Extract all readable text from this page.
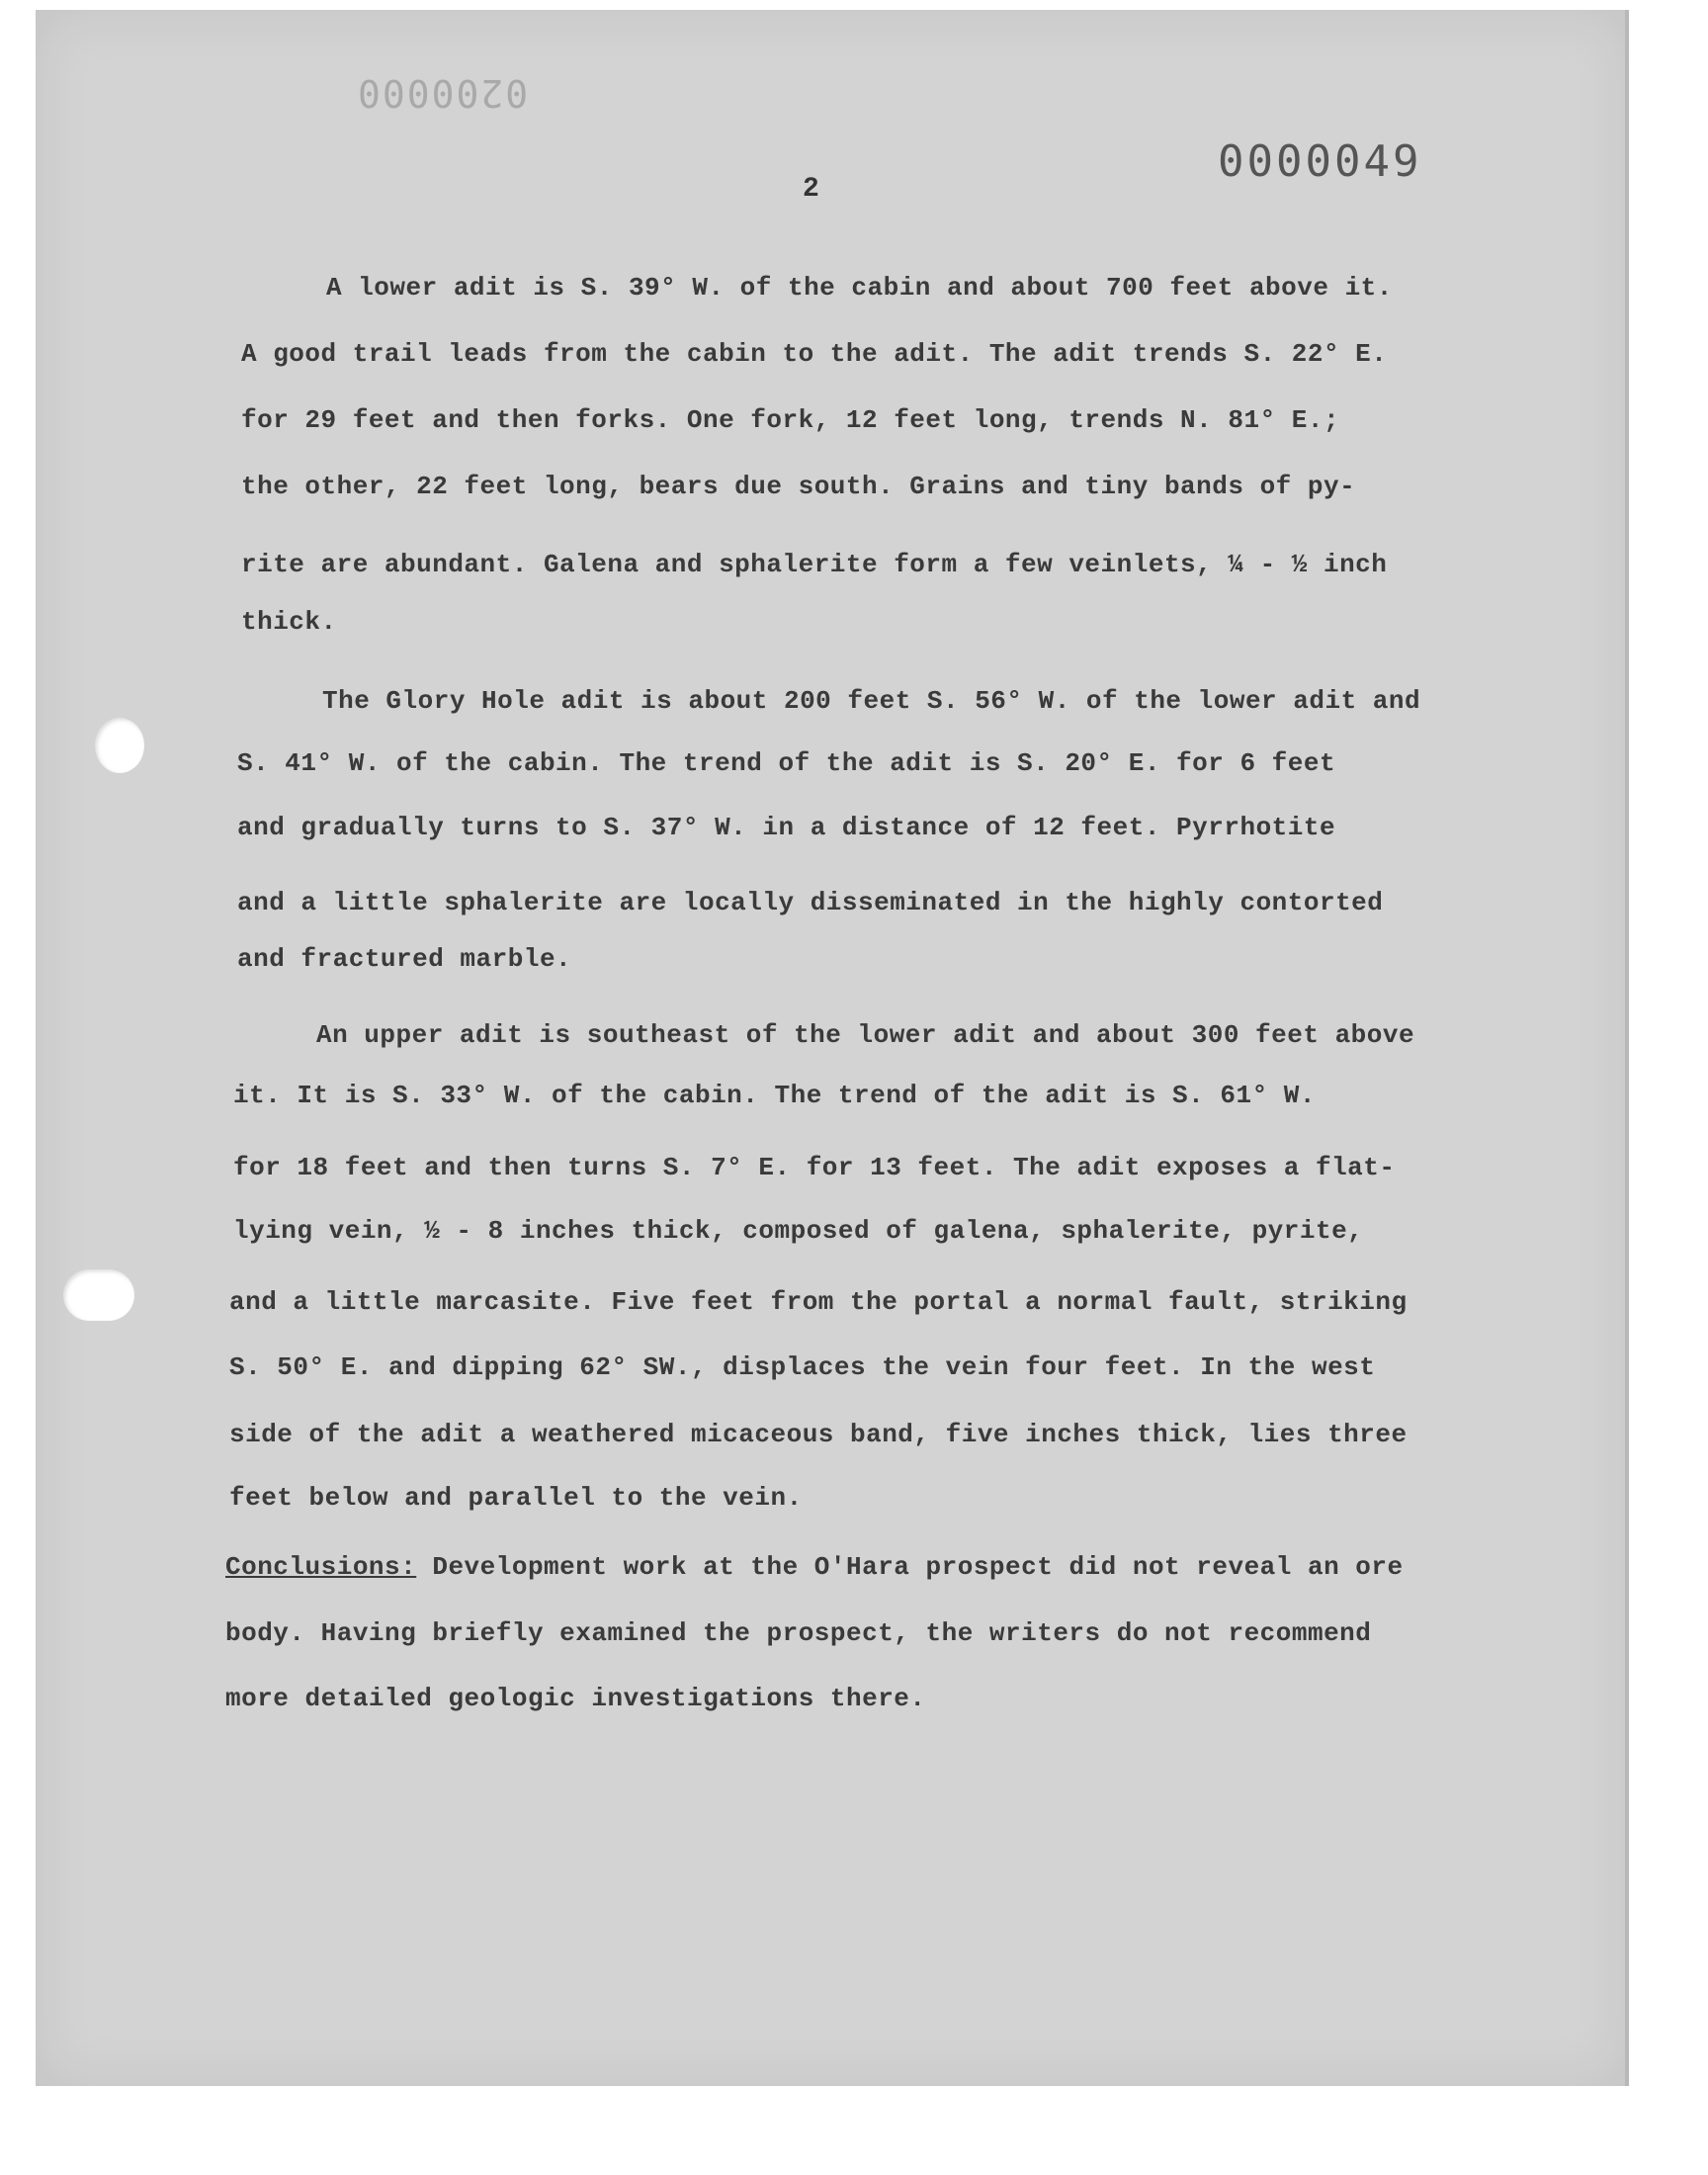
0200000
0000049
2
A lower adit is S. 39° W. of the cabin and about 700 feet above it.
A good trail leads from the cabin to the adit. The adit trends S. 22° E.
for 29 feet and then forks. One fork, 12 feet long, trends N. 81° E.;
the other, 22 feet long, bears due south. Grains and tiny bands of py-
rite are abundant. Galena and sphalerite form a few veinlets, ¼ - ½ inch
thick.
The Glory Hole adit is about 200 feet S. 56° W. of the lower adit and
S. 41° W. of the cabin. The trend of the adit is S. 20° E. for 6 feet
and gradually turns to S. 37° W. in a distance of 12 feet. Pyrrhotite
and a little sphalerite are locally disseminated in the highly contorted
and fractured marble.
An upper adit is southeast of the lower adit and about 300 feet above
it. It is S. 33° W. of the cabin. The trend of the adit is S. 61° W.
for 18 feet and then turns S. 7° E. for 13 feet. The adit exposes a flat-
lying vein, ½ - 8 inches thick, composed of galena, sphalerite, pyrite,
and a little marcasite. Five feet from the portal a normal fault, striking
S. 50° E. and dipping 62° SW., displaces the vein four feet. In the west
side of the adit a weathered micaceous band, five inches thick, lies three
feet below and parallel to the vein.
Conclusions: Development work at the O'Hara prospect did not reveal an ore
body. Having briefly examined the prospect, the writers do not recommend
more detailed geologic investigations there.
